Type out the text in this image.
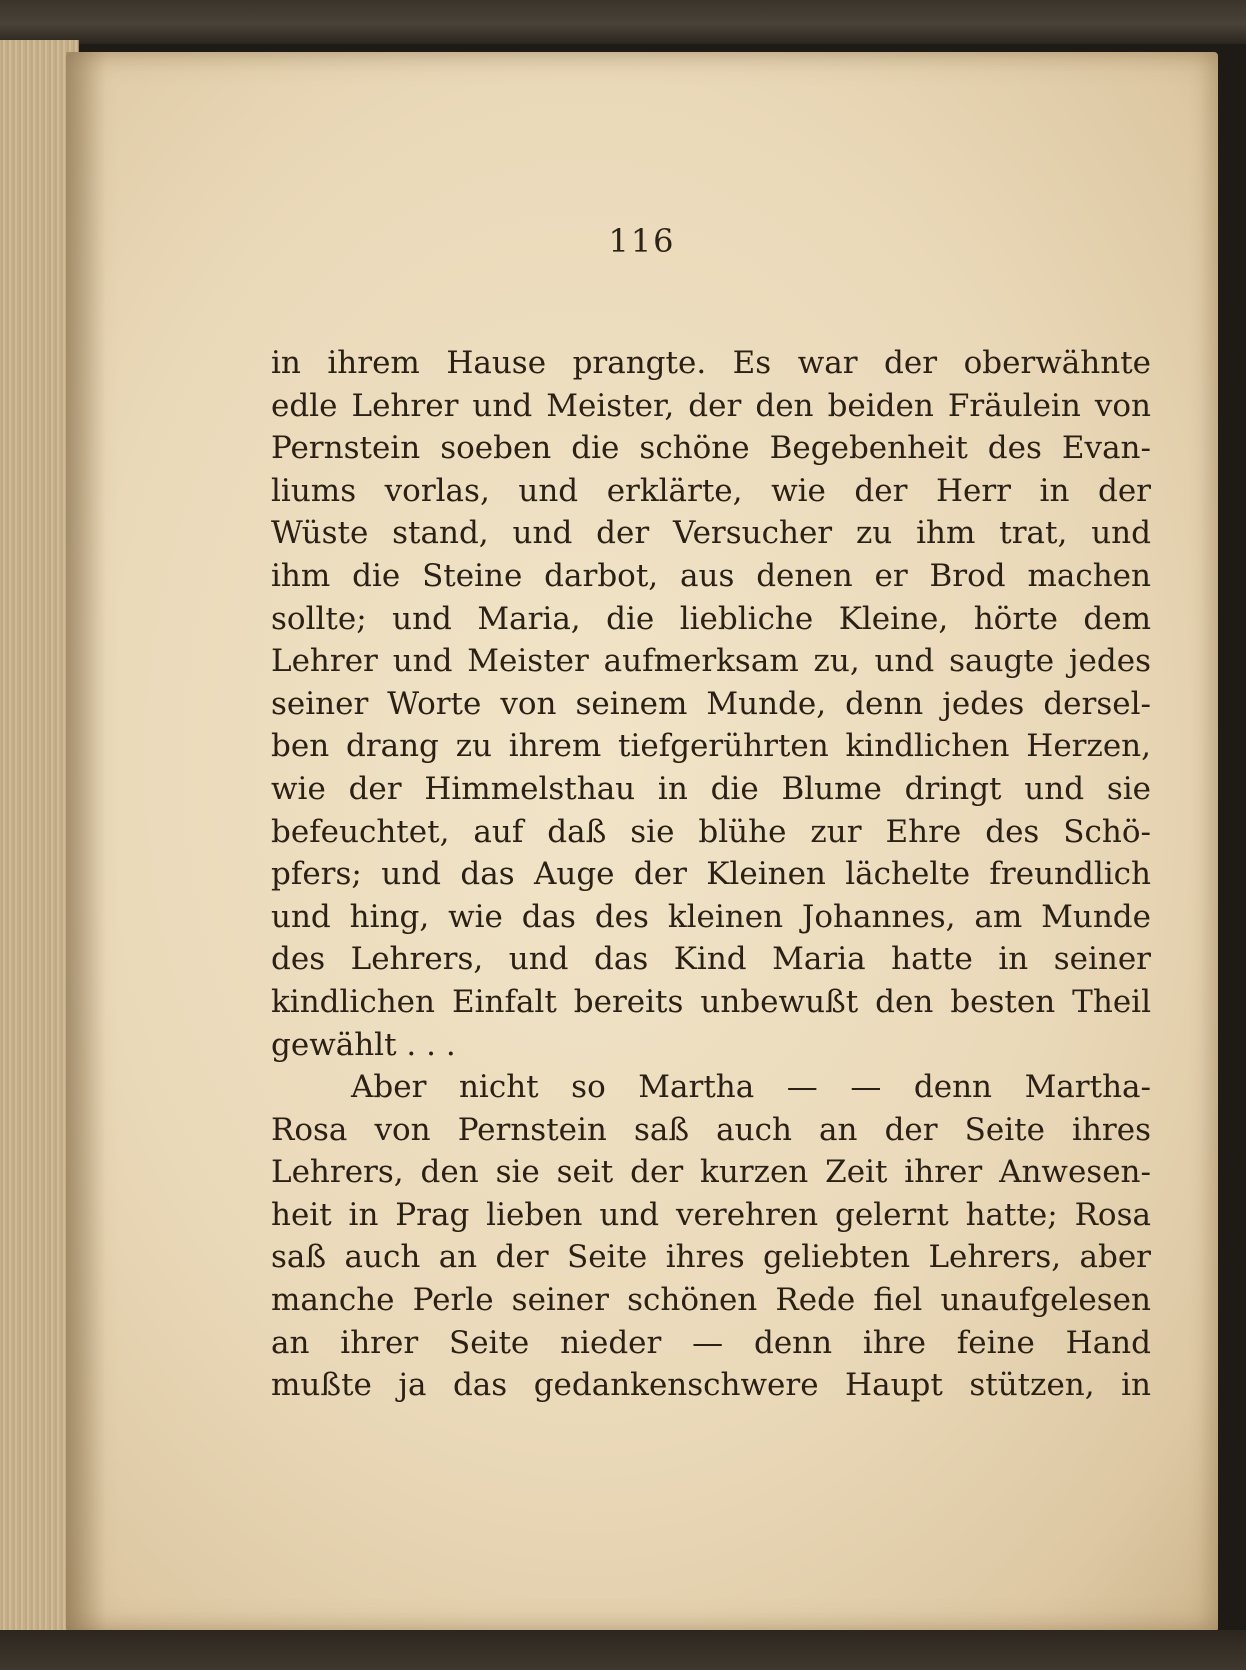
116
in ihrem Hause prangte. Es war der oberwähnte
edle Lehrer und Meister, der den beiden Fräulein von
Pernstein soeben die schöne Begebenheit des Evan-
liums vorlas, und erklärte, wie der Herr in der
Wüste stand, und der Versucher zu ihm trat, und
ihm die Steine darbot, aus denen er Brod machen
sollte; und Maria, die liebliche Kleine, hörte dem
Lehrer und Meister aufmerksam zu, und saugte jedes
seiner Worte von seinem Munde, denn jedes dersel-
ben drang zu ihrem tiefgerührten kindlichen Herzen,
wie der Himmelsthau in die Blume dringt und sie
befeuchtet, auf daß sie blühe zur Ehre des Schö-
pfers; und das Auge der Kleinen lächelte freundlich
und hing, wie das des kleinen Johannes, am Munde
des Lehrers, und das Kind Maria hatte in seiner
kindlichen Einfalt bereits unbewußt den besten Theil
gewählt . . .
Aber nicht so Martha — — denn Martha-
Rosa von Pernstein saß auch an der Seite ihres
Lehrers, den sie seit der kurzen Zeit ihrer Anwesen-
heit in Prag lieben und verehren gelernt hatte; Rosa
saß auch an der Seite ihres geliebten Lehrers, aber
manche Perle seiner schönen Rede fiel unaufgelesen
an ihrer Seite nieder — denn ihre feine Hand
mußte ja das gedankenschwere Haupt stützen, in
